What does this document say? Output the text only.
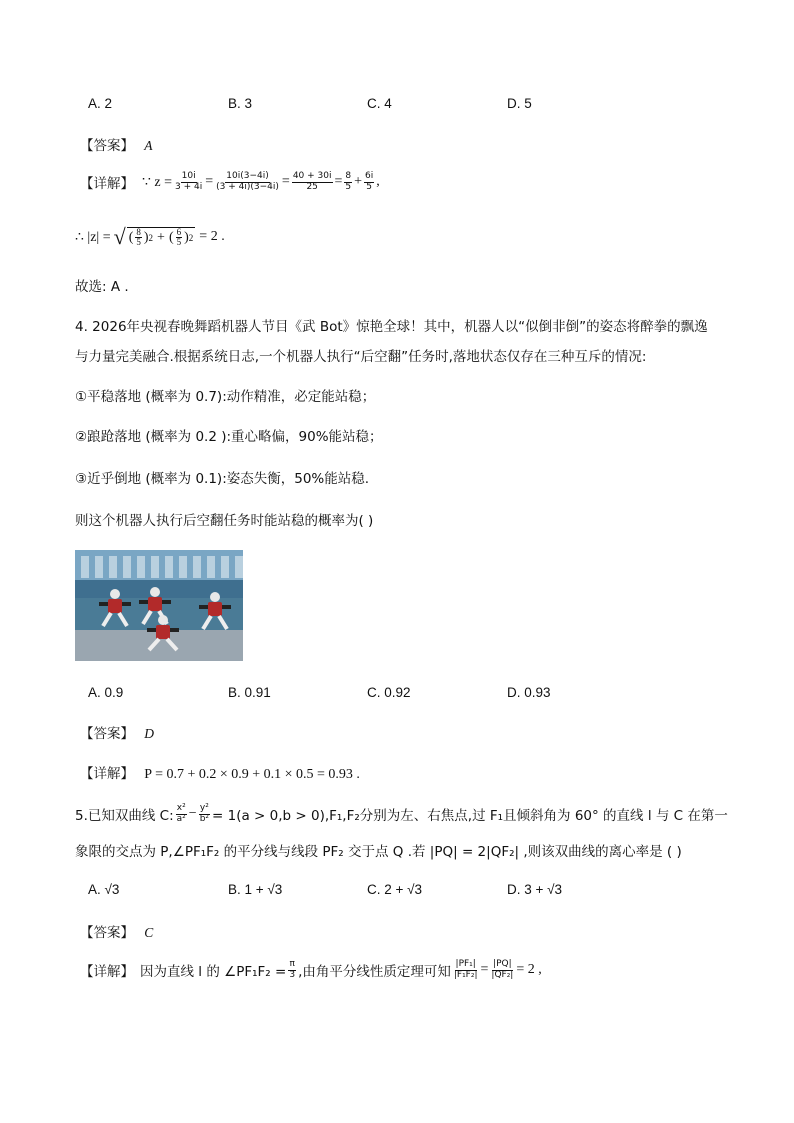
A. 2	B. 3	C. 4	D. 5
【答案】 A
【详解】 ∵ $z = \frac{10i}{3 + 4i} = \frac{10i(3-4i)}{(3 + 4i)(3-4i)} = \frac{40 + 30i}{25} = \frac{8}{5} + \frac{6i}{5}$ ,
∴ |z| = √ ( $\frac{8}{5}$ ) 2 + ( $\frac{6}{5}$ ) 2 = 2 .
故选: A .
4. 2026年央视春晚舞蹈机器人节目《武 Bot》惊艳全球！其中，机器人以“似倒非倒”的姿态将醉拳的飘逸
与力量完美融合.根据系统日志,一个机器人执行“后空翻”任务时,落地状态仅存在三种互斥的情况:
①平稳落地 (概率为 0.7):动作精准，必定能站稳；
②踉跄落地 (概率为 0.2 ):重心略偏，90%能站稳；
③近乎倒地 (概率为 0.1):姿态失衡，50%能站稳.
则这个机器人执行后空翻任务时能站稳的概率为( )
A. 0.9	B. 0.91	C. 0.92	D. 0.93
【答案】 D
【详解】 P = 0.7 + 0.2 × 0.9 + 0.1 × 0.5 = 0.93 .
5.已知双曲线 C: $\frac{\text{x²}}{\text{a²}} - \frac{\text{y²}}{\text{b²}} = 1(a > 0,b > 0),F_1,F_2$分别为左、右焦点,过 F₁且倾斜角为 60° 的直线 l 与 C 在第一
象限的交点为 P,∠PF₁F₂ 的平分线与线段 PF₂ 交于点 Q .若 |PQ| = 2|QF₂| ,则该双曲线的离心率是 ( )
A. √3	B. 1 + √3	C. 2 + √3	D. 3 + √3
【答案】 C
【详解】 因为直线 l 的 ∠PF₁F₂ = $\frac{\pi}{3}$ ,由角平分线性质定理可知 $\frac{\text{|PF₁|}}{\text{|F₁F₂|}} = \frac{|PQ|}{\text{|QF₂|}} = 2$ ,
